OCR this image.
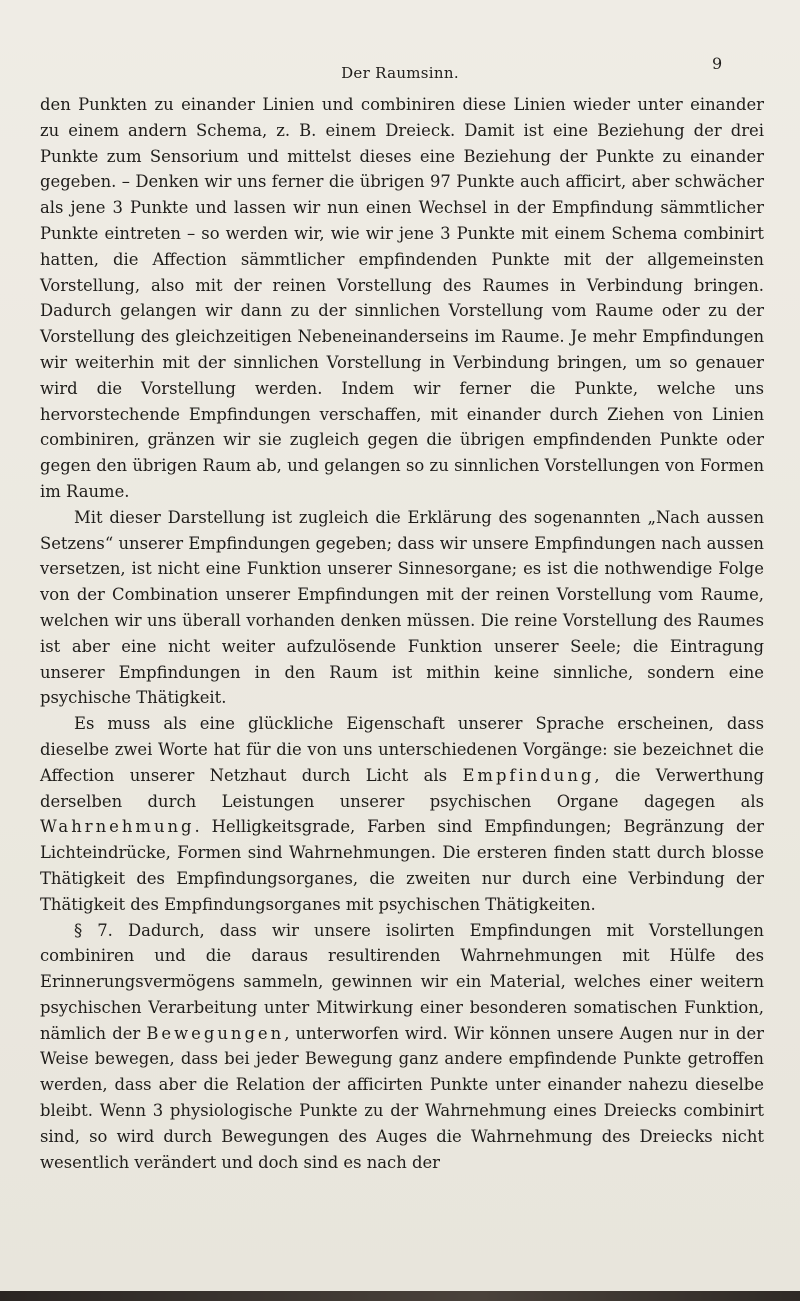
Der Raumsinn.	9

den Punkten zu einander Linien und combiniren diese Linien wieder unter einander zu einem andern Schema, z. B. einem Dreieck. Damit ist eine Beziehung der drei Punkte zum Sensorium und mittelst dieses eine Beziehung der Punkte zu einander gegeben. – Denken wir uns ferner die übrigen 97 Punkte auch afficirt, aber schwächer als jene 3 Punkte und lassen wir nun einen Wechsel in der Empfindung sämmtlicher Punkte eintreten – so werden wir, wie wir jene 3 Punkte mit einem Schema combinirt hatten, die Affection sämmtlicher empfindenden Punkte mit der allgemeinsten Vorstellung, also mit der reinen Vorstellung des Raumes in Verbindung bringen. Dadurch gelangen wir dann zu der sinnlichen Vorstellung vom Raume oder zu der Vorstellung des gleichzeitigen Nebeneinanderseins im Raume. Je mehr Empfindungen wir weiterhin mit der sinnlichen Vorstellung in Verbindung bringen, um so genauer wird die Vorstellung werden. Indem wir ferner die Punkte, welche uns hervorstechende Empfindungen verschaffen, mit einander durch Ziehen von Linien combiniren, gränzen wir sie zugleich gegen die übrigen empfindenden Punkte oder gegen den übrigen Raum ab, und gelangen so zu sinnlichen Vorstellungen von Formen im Raume.

Mit dieser Darstellung ist zugleich die Erklärung des sogenannten „Nach aussen Setzens“ unserer Empfindungen gegeben; dass wir unsere Empfindungen nach aussen versetzen, ist nicht eine Funktion unserer Sinnesorgane; es ist die nothwendige Folge von der Combination unserer Empfindungen mit der reinen Vorstellung vom Raume, welchen wir uns überall vorhanden denken müssen. Die reine Vorstellung des Raumes ist aber eine nicht weiter aufzulösende Funktion unserer Seele; die Eintragung unserer Empfindungen in den Raum ist mithin keine sinnliche, sondern eine psychische Thätigkeit.

Es muss als eine glückliche Eigenschaft unserer Sprache erscheinen, dass dieselbe zwei Worte hat für die von uns unterschiedenen Vorgänge: sie bezeichnet die Affection unserer Netzhaut durch Licht als Empfindung, die Verwerthung derselben durch Leistungen unserer psychischen Organe dagegen als Wahrnehmung. Helligkeitsgrade, Farben sind Empfindungen; Begränzung der Lichteindrücke, Formen sind Wahrnehmungen. Die ersteren finden statt durch blosse Thätigkeit des Empfindungsorganes, die zweiten nur durch eine Verbindung der Thätigkeit des Empfindungsorganes mit psychischen Thätigkeiten.

§ 7. Dadurch, dass wir unsere isolirten Empfindungen mit Vorstellungen combiniren und die daraus resultirenden Wahrnehmungen mit Hülfe des Erinnerungsvermögens sammeln, gewinnen wir ein Material, welches einer weitern psychischen Verarbeitung unter Mitwirkung einer besonderen somatischen Funktion, nämlich der Bewegungen, unterworfen wird. Wir können unsere Augen nur in der Weise bewegen, dass bei jeder Bewegung ganz andere empfindende Punkte getroffen werden, dass aber die Relation der afficirten Punkte unter einander nahezu dieselbe bleibt. Wenn 3 physiologische Punkte zu der Wahrnehmung eines Dreiecks combinirt sind, so wird durch Bewegungen des Auges die Wahrnehmung des Dreiecks nicht wesentlich verändert und doch sind es nach der
